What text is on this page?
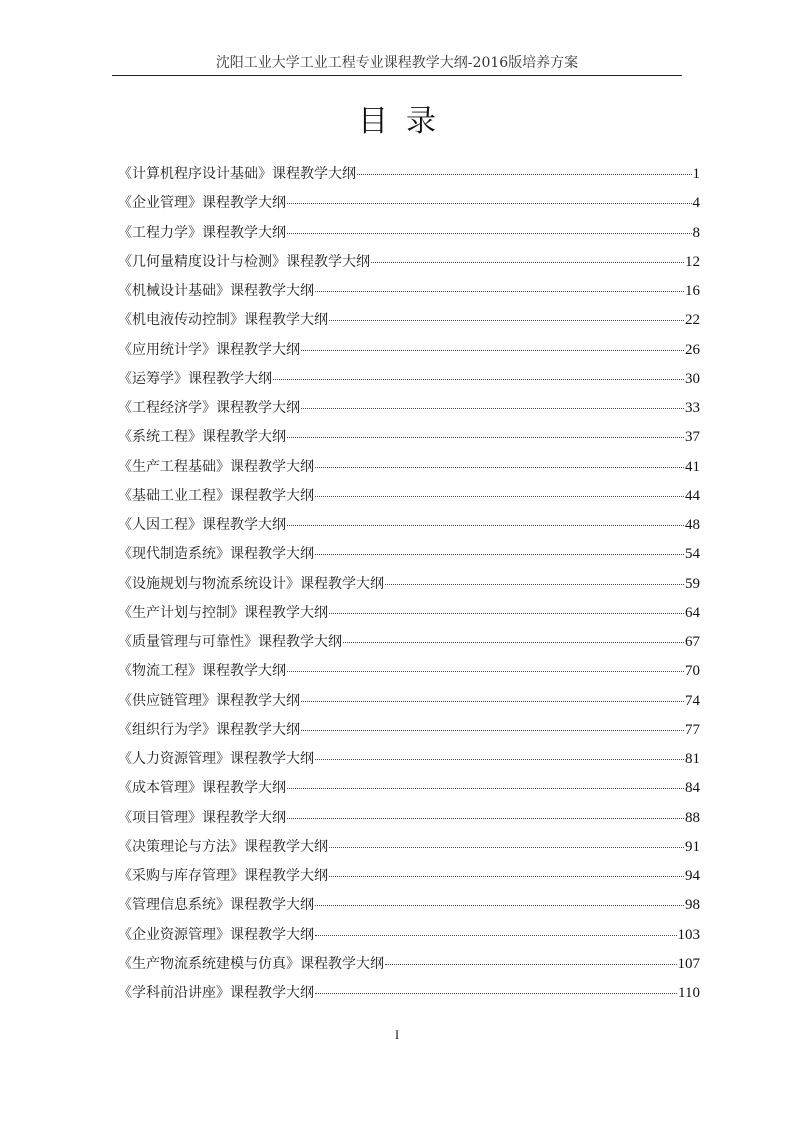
沈阳工业大学工业工程专业课程教学大纲-2016版培养方案
目录
《计算机程序设计基础》课程教学大纲	1
《企业管理》课程教学大纲	4
《工程力学》课程教学大纲	8
《几何量精度设计与检测》课程教学大纲	12
《机械设计基础》课程教学大纲	16
《机电液传动控制》课程教学大纲	22
《应用统计学》课程教学大纲	26
《运筹学》课程教学大纲	30
《工程经济学》课程教学大纲	33
《系统工程》课程教学大纲	37
《生产工程基础》课程教学大纲	41
《基础工业工程》课程教学大纲	44
《人因工程》课程教学大纲	48
《现代制造系统》课程教学大纲	54
《设施规划与物流系统设计》课程教学大纲	59
《生产计划与控制》课程教学大纲	64
《质量管理与可靠性》课程教学大纲	67
《物流工程》课程教学大纲	70
《供应链管理》课程教学大纲	74
《组织行为学》课程教学大纲	77
《人力资源管理》课程教学大纲	81
《成本管理》课程教学大纲	84
《项目管理》课程教学大纲	88
《决策理论与方法》课程教学大纲	91
《采购与库存管理》课程教学大纲	94
《管理信息系统》课程教学大纲	98
《企业资源管理》课程教学大纲	103
《生产物流系统建模与仿真》课程教学大纲	107
《学科前沿讲座》课程教学大纲	110
I
